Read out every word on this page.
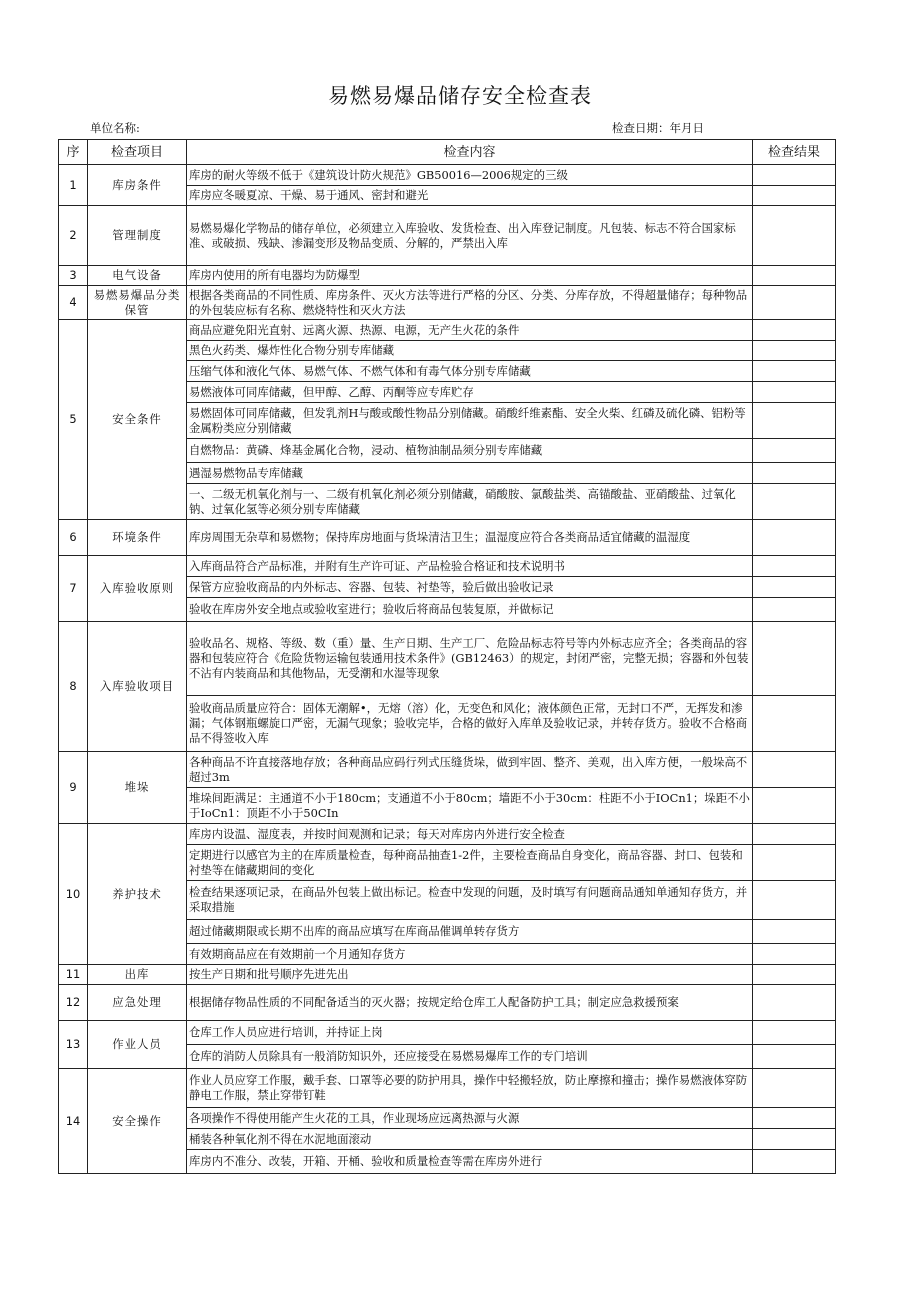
易燃易爆品储存安全检查表
单位名称:	检查日期：年月日
序	检查项目	检查内容	检查结果
1	库房条件	库房的耐火等级不低于《建筑设计防火规范》GB50016—2006规定的三级	
		库房应冬暖夏凉、干燥、易于通风、密封和避光	
2	管理制度	易燃易爆化学物品的储存单位，必须建立入库验收、发货检查、出入库登记制度。凡包装、标志不符合国家标准、或破损、残缺、渗漏变形及物品变质、分解的，严禁出入库	
3	电气设备	库房内使用的所有电器均为防爆型	
4	易燃易爆品分类保管	根据各类商品的不同性质、库房条件、灭火方法等进行严格的分区、分类、分库存放，不得超量储存；每种物品的外包装应标有名称、燃烧特性和灭火方法	
5	安全条件	商品应避免阳光直射、远离火源、热源、电源，无产生火花的条件	
		黑色火药类、爆炸性化合物分别专库储藏	
		压缩气体和液化气体、易燃气体、不燃气体和有毒气体分别专库储藏	
		易燃液体可同库储藏，但甲醇、乙醇、丙酮等应专库贮存	
		易燃固体可同库储藏，但发乳剂H与酸或酸性物品分别储藏。硝酸纤维素酯、安全火柴、红磷及硫化磷、铝粉等金属粉类应分别储藏	
		自燃物品：黄磷、烽基金属化合物，浸动、植物油制品须分别专库储藏	
		遇湿易燃物品专库储藏	
		一、二级无机氧化剂与一、二级有机氧化剂必须分别储藏，硝酸胺、氯酸盐类、高锚酸盐、亚硝酸盐、过氧化钠、过氧化氢等必须分别专库储藏	
6	环境条件	库房周围无杂草和易燃物；保持库房地面与货垛清洁卫生；温湿度应符合各类商品适宜储藏的温湿度	
7	入库验收原则	入库商品符合产品标准，并附有生产许可证、产品检验合格证和技术说明书	
		保管方应验收商品的内外标志、容器、包装、衬垫等，验后做出验收记录	
		验收在库房外安全地点或验收室进行；验收后将商品包装复原，并做标记	
8	入库验收项目	验收品名、规格、等级、数（重）量、生产日期、生产工厂、危险品标志符号等内外标志应齐全；各类商品的容器和包装应符合《危险货物运输包装通用技术条件》(GB12463）的规定，封闭严密，完整无损；容器和外包装不沾有内装商品和其他物品，无受潮和水湿等现象	
		验收商品质量应符合：固体无潮解•，无熔（溶）化，无变色和风化；液体颜色正常，无封口不严，无挥发和渗漏；气体钢瓶螺旋口严密，无漏气现象；验收完毕，合格的做好入库单及验收记录，并转存货方。验收不合格商品不得签收入库	
9	堆垛	各种商品不许直接落地存放；各种商品应码行列式压缝货垛，做到牢固、整齐、美观，出入库方便，一般垛高不超过3m	
		堆垛间距满足：主通道不小于180cm；支通道不小于80cm；墙距不小于30cm：柱距不小于IOCn1；垛距不小于IoCn1：顶距不小于50CIn	
10	养护技术	库房内设温、湿度表，并按时间观测和记录；每天对库房内外进行安全检查	
		定期进行以感官为主的在库质量检查，每种商品抽查1-2件，主要检查商品自身变化，商品容器、封口、包装和衬垫等在储藏期间的变化	
		检查结果逐项记录，在商品外包装上做出标记。检查中发现的问题，及时填写有问题商品通知单通知存货方，并采取措施	
		超过储藏期限或长期不出库的商品应填写在库商品催调单转存货方	
		有效期商品应在有效期前一个月通知存货方	
11	出库	按生产日期和批号顺序先进先出	
12	应急处理	根据储存物品性质的不同配备适当的灭火器；按规定给仓库工人配备防护工具；制定应急救援预案	
13	作业人员	仓库工作人员应进行培训，并持证上岗	
		仓库的消防人员除具有一般消防知识外，还应接受在易燃易爆库工作的专门培训	
14	安全操作	作业人员应穿工作服，戴手套、口罩等必要的防护用具，操作中轻搬轻放，防止摩擦和撞击；操作易燃液体穿防静电工作服，禁止穿带钉鞋	
		各项操作不得使用能产生火花的工具，作业现场应远离热源与火源	
		桶装各种氧化剂不得在水泥地面滚动	
		库房内不准分、改装，开箱、开桶、验收和质量检查等需在库房外进行	
